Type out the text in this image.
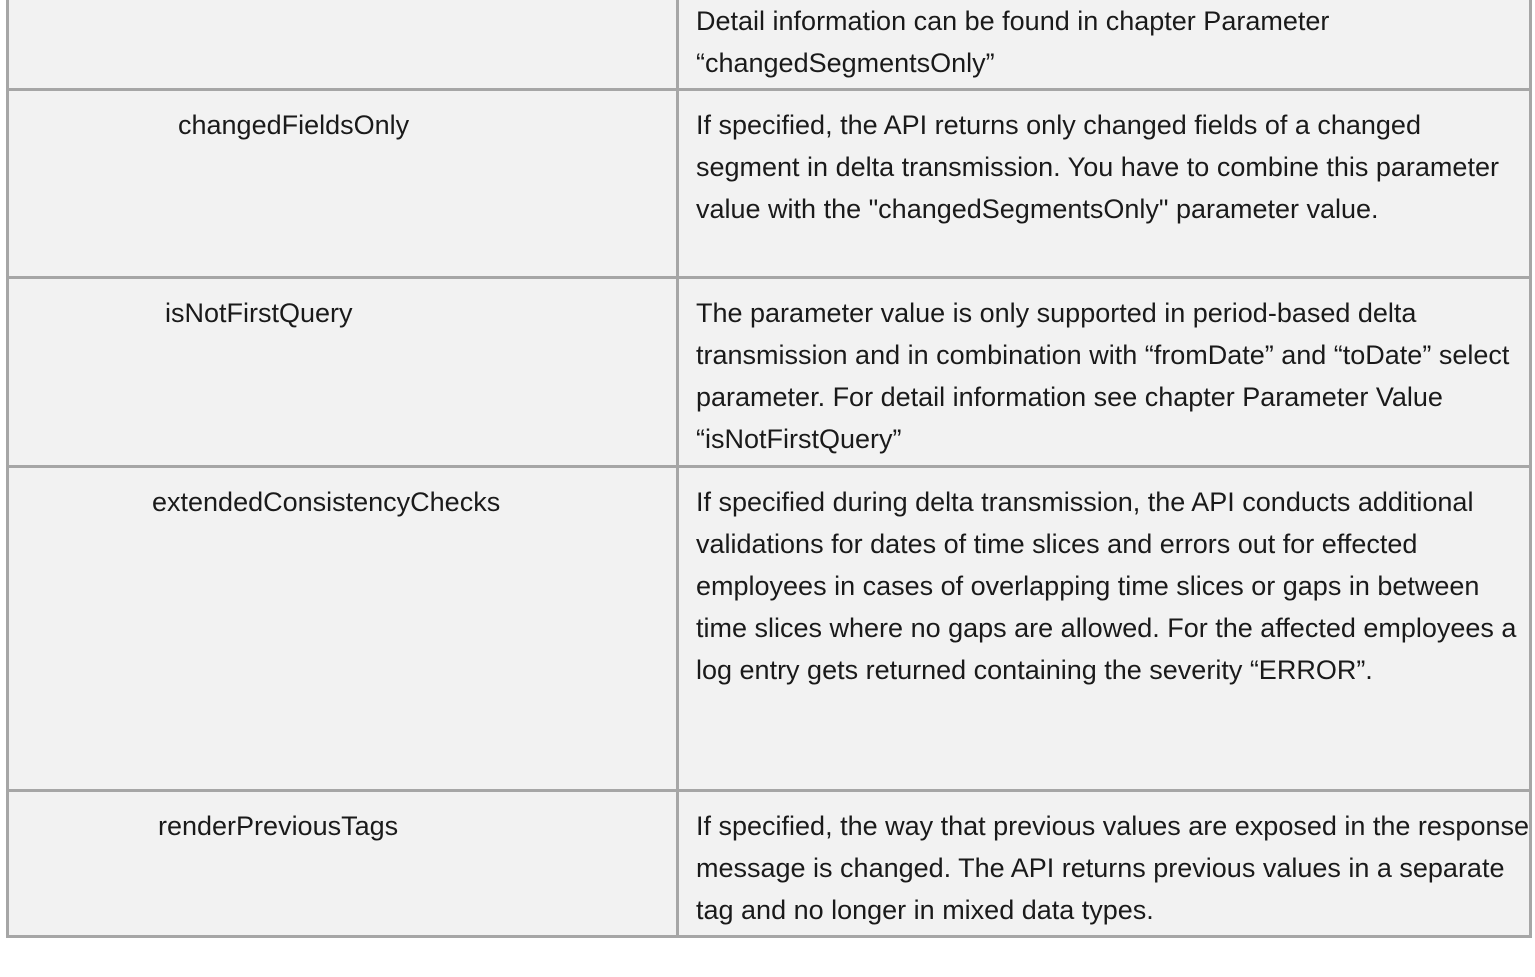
	Detail information can be found in chapter Parameter “changedSegmentsOnly”

changedFieldsOnly	If specified, the API returns only changed fields of a changed segment in delta transmission. You have to combine this parameter value with the "changedSegmentsOnly" parameter value.

isNotFirstQuery	The parameter value is only supported in period-based delta transmission and in combination with “fromDate” and “toDate” select parameter. For detail information see chapter Parameter Value “isNotFirstQuery”

extendedConsistencyChecks	If specified during delta transmission, the API conducts additional validations for dates of time slices and errors out for effected employees in cases of overlapping time slices or gaps in between time slices where no gaps are allowed. For the affected employees a log entry gets returned containing the severity “ERROR”.

renderPreviousTags	If specified, the way that previous values are exposed in the response message is changed. The API returns previous values in a separate tag and no longer in mixed data types.
